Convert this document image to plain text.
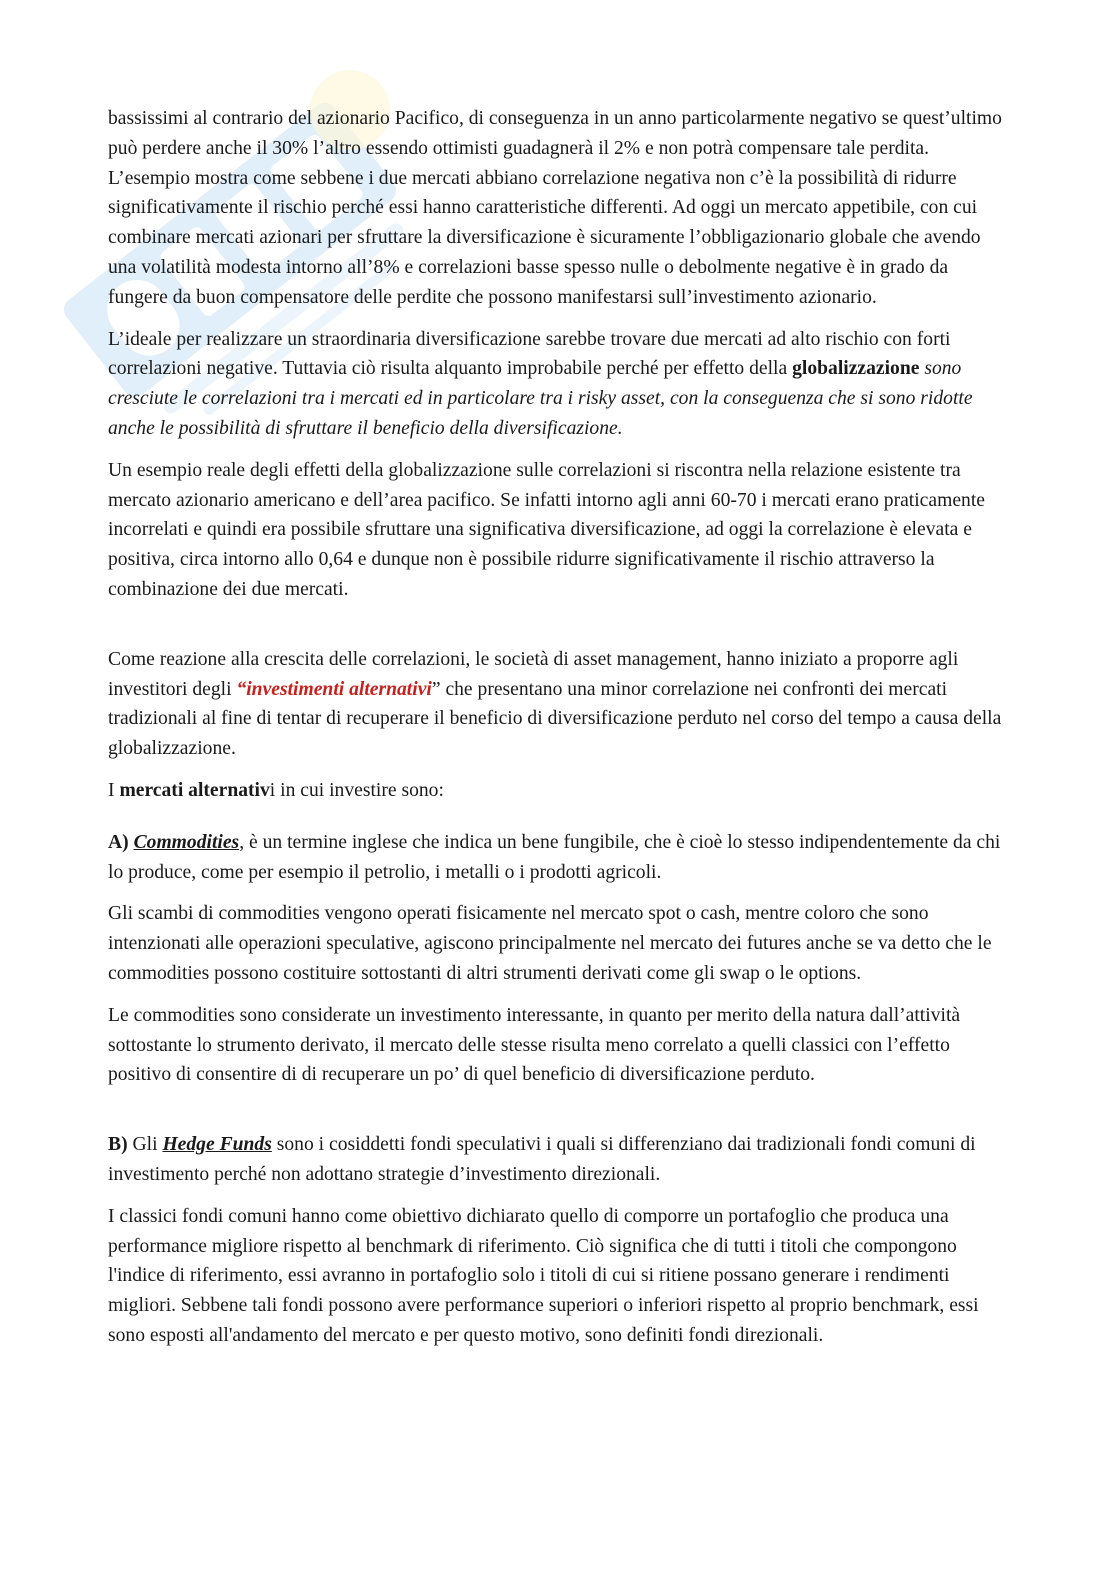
bassissimi al contrario del azionario Pacifico, di conseguenza in un anno particolarmente negativo se quest’ultimo può perdere anche il 30% l’altro essendo ottimisti guadagnerà il 2% e non potrà compensare tale perdita. L’esempio mostra come sebbene i due mercati abbiano correlazione negativa non c’è la possibilità di ridurre significativamente il rischio perché essi hanno caratteristiche differenti. Ad oggi un mercato appetibile, con cui combinare mercati azionari per sfruttare la diversificazione è sicuramente l’obbligazionario globale che avendo una volatilità modesta intorno all’8% e correlazioni basse spesso nulle o debolmente negative è in grado da fungere da buon compensatore delle perdite che possono manifestarsi sull’investimento azionario.

L’ideale per realizzare un straordinaria diversificazione sarebbe trovare due mercati ad alto rischio con forti correlazioni negative. Tuttavia ciò risulta alquanto improbabile perché per effetto della globalizzazione sono cresciute le correlazioni tra i mercati ed in particolare tra i risky asset, con la conseguenza che si sono ridotte anche le possibilità di sfruttare il beneficio della diversificazione.

Un esempio reale degli effetti della globalizzazione sulle correlazioni si riscontra nella relazione esistente tra mercato azionario americano e dell’area pacifico. Se infatti intorno agli anni 60-70 i mercati erano praticamente incorrelati e quindi era possibile sfruttare una significativa diversificazione, ad oggi la correlazione è elevata e positiva, circa intorno allo 0,64 e dunque non è possibile ridurre significativamente il rischio attraverso la combinazione dei due mercati.

Come reazione alla crescita delle correlazioni, le società di asset management, hanno iniziato a proporre agli investitori degli “investimenti alternativi” che presentano una minor correlazione nei confronti dei mercati tradizionali al fine di tentar di recuperare il beneficio di diversificazione perduto nel corso del tempo a causa della globalizzazione.

I mercati alternativi in cui investire sono:

A) Commodities, è un termine inglese che indica un bene fungibile, che è cioè lo stesso indipendentemente da chi lo produce, come per esempio il petrolio, i metalli o i prodotti agricoli.

Gli scambi di commodities vengono operati fisicamente nel mercato spot o cash, mentre coloro che sono intenzionati alle operazioni speculative, agiscono principalmente nel mercato dei futures anche se va detto che le commodities possono costituire sottostanti di altri strumenti derivati come gli swap o le options.

Le commodities sono considerate un investimento interessante, in quanto per merito della natura dall’attività sottostante lo strumento derivato, il mercato delle stesse risulta meno correlato a quelli classici con l’effetto positivo di consentire di di recuperare un po’ di quel beneficio di diversificazione perduto.

B) Gli Hedge Funds sono i cosiddetti fondi speculativi i quali si differenziano dai tradizionali fondi comuni di investimento perché non adottano strategie d’investimento direzionali.

I classici fondi comuni hanno come obiettivo dichiarato quello di comporre un portafoglio che produca una performance migliore rispetto al benchmark di riferimento. Ciò significa che di tutti i titoli che compongono l'indice di riferimento, essi avranno in portafoglio solo i titoli di cui si ritiene possano generare i rendimenti migliori. Sebbene tali fondi possono avere performance superiori o inferiori rispetto al proprio benchmark, essi sono esposti all'andamento del mercato e per questo motivo, sono definiti fondi direzionali.
